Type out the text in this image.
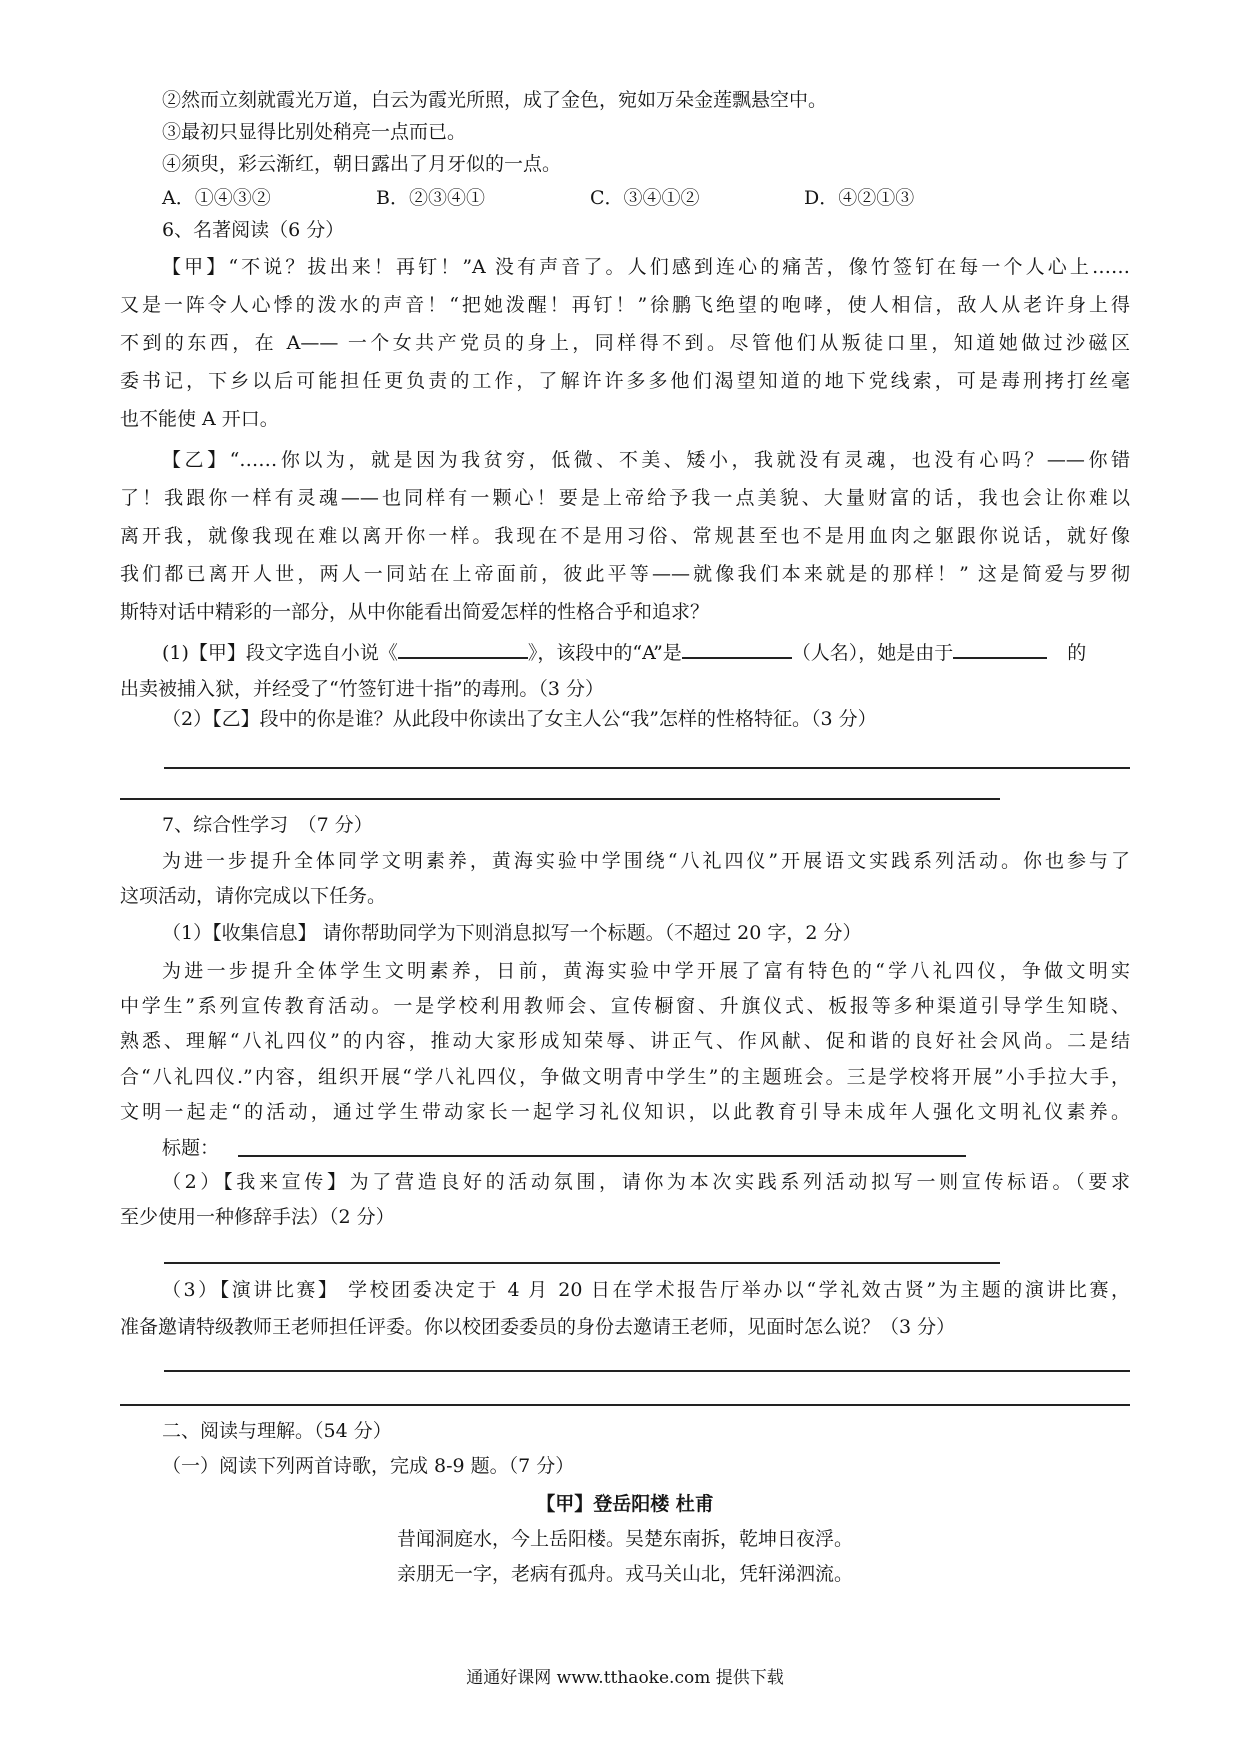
②然而立刻就霞光万道，白云为霞光所照，成了金色，宛如万朵金莲飘悬空中。
③最初只显得比别处稍亮一点而已。
④须臾，彩云渐红，朝日露出了月牙似的一点。
A．①④③②	B．②③④①	C．③④①②	D．④②①③
6、名著阅读（6 分）
【甲】“不说？拔出来！再钉！”A 没有声音了。人们感到连心的痛苦，像竹签钉在每一个人心上……
又是一阵令人心悸的泼水的声音！“把她泼醒！再钉！”徐鹏飞绝望的咆哮，使人相信，敌人从老许身上得
不到的东西，在 A—— 一个女共产党员的身上，同样得不到。尽管他们从叛徒口里，知道她做过沙磁区
委书记，下乡以后可能担任更负责的工作，了解许许多多他们渴望知道的地下党线索，可是毒刑拷打丝毫
也不能使 A 开口。
【乙】“……你以为，就是因为我贫穷，低微、不美、矮小，我就没有灵魂，也没有心吗？——你错
了！我跟你一样有灵魂——也同样有一颗心！要是上帝给予我一点美貌、大量财富的话，我也会让你难以
离开我，就像我现在难以离开你一样。我现在不是用习俗、常规甚至也不是用血肉之躯跟你说话，就好像
我们都已离开人世，两人一同站在上帝面前，彼此平等——就像我们本来就是的那样！” 这是简爱与罗彻
斯特对话中精彩的一部分，从中你能看出简爱怎样的性格合乎和追求？
(1)【甲】段文字选自小说《	》，该段中的“A”是	（人名），她是由于	的
出卖被捕入狱，并经受了“竹签钉进十指”的毒刑。（3 分）
（2）【乙】段中的你是谁？从此段中你读出了女主人公“我”怎样的性格特征。（3 分）
7、综合性学习　（7 分）
为进一步提升全体同学文明素养，黄海实验中学围绕“八礼四仪”开展语文实践系列活动。你也参与了
这项活动，请你完成以下任务。
（1）【收集信息】 请你帮助同学为下则消息拟写一个标题。（不超过 20 字，2 分）
为进一步提升全体学生文明素养，日前，黄海实验中学开展了富有特色的“学八礼四仪，争做文明实
中学生”系列宣传教育活动。一是学校利用教师会、宣传橱窗、升旗仪式、板报等多种渠道引导学生知晓、
熟悉、理解“八礼四仪”的内容，推动大家形成知荣辱、讲正气、作风献、促和谐的良好社会风尚。二是结
合“八礼四仪.”内容，组织开展“学八礼四仪，争做文明青中学生”的主题班会。三是学校将开展”小手拉大手，
文明一起走“的活动，通过学生带动家长一起学习礼仪知识，以此教育引导未成年人强化文明礼仪素养。
标题：
（2）【我来宣传】为了营造良好的活动氛围，请你为本次实践系列活动拟写一则宣传标语。（要求
至少使用一种修辞手法）（2 分）
（3）【演讲比赛】 学校团委决定于 4 月 20 日在学术报告厅举办以“学礼效古贤”为主题的演讲比赛，
准备邀请特级教师王老师担任评委。你以校团委委员的身份去邀请王老师，见面时怎么说？（3 分）
二、阅读与理解。（54 分）
（一）阅读下列两首诗歌，完成 8-9 题。（7 分）
【甲】登岳阳楼 杜甫
昔闻洞庭水，今上岳阳楼。吴楚东南拆，乾坤日夜浮。
亲朋无一字，老病有孤舟。戎马关山北，凭轩涕泗流。
通通好课网 www.tthaoke.com 提供下载
